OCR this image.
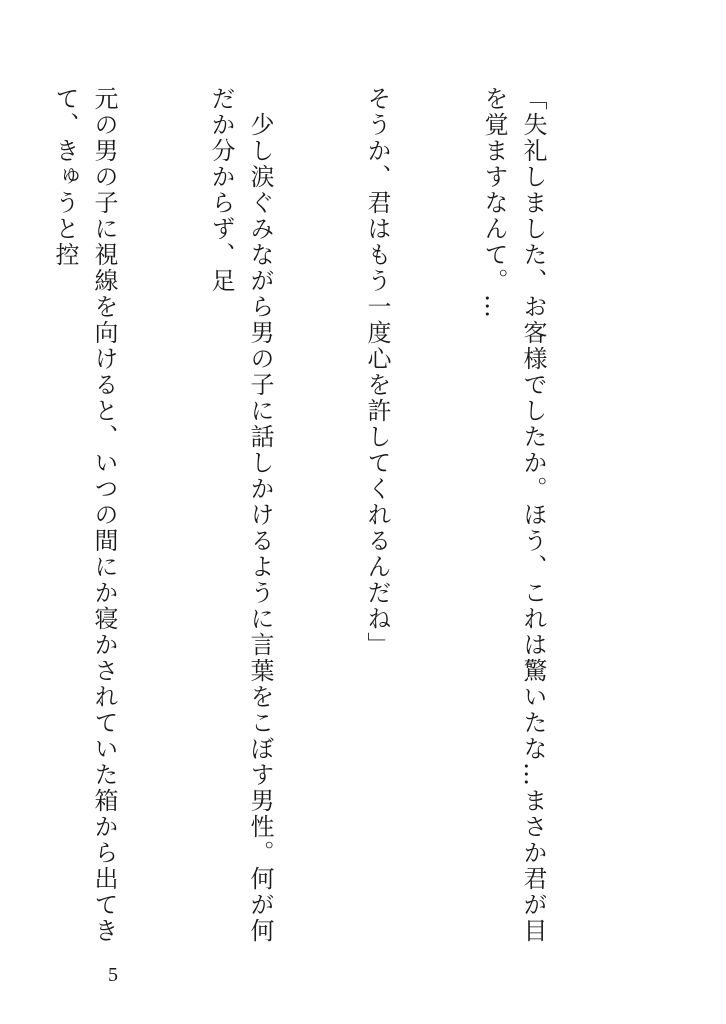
「失礼しました、お客様でしたか。ほう、これは驚いたな…まさか君が目を覚ますなんて。…

そうか、君はもう一度心を許してくれるんだね」

　少し涙ぐみながら男の子に話しかけるように言葉をこぼす男性。何が何だか分からず、足

元の男の子に視線を向けると、いつの間にか寝かされていた箱から出てきて、きゅうと控

5
